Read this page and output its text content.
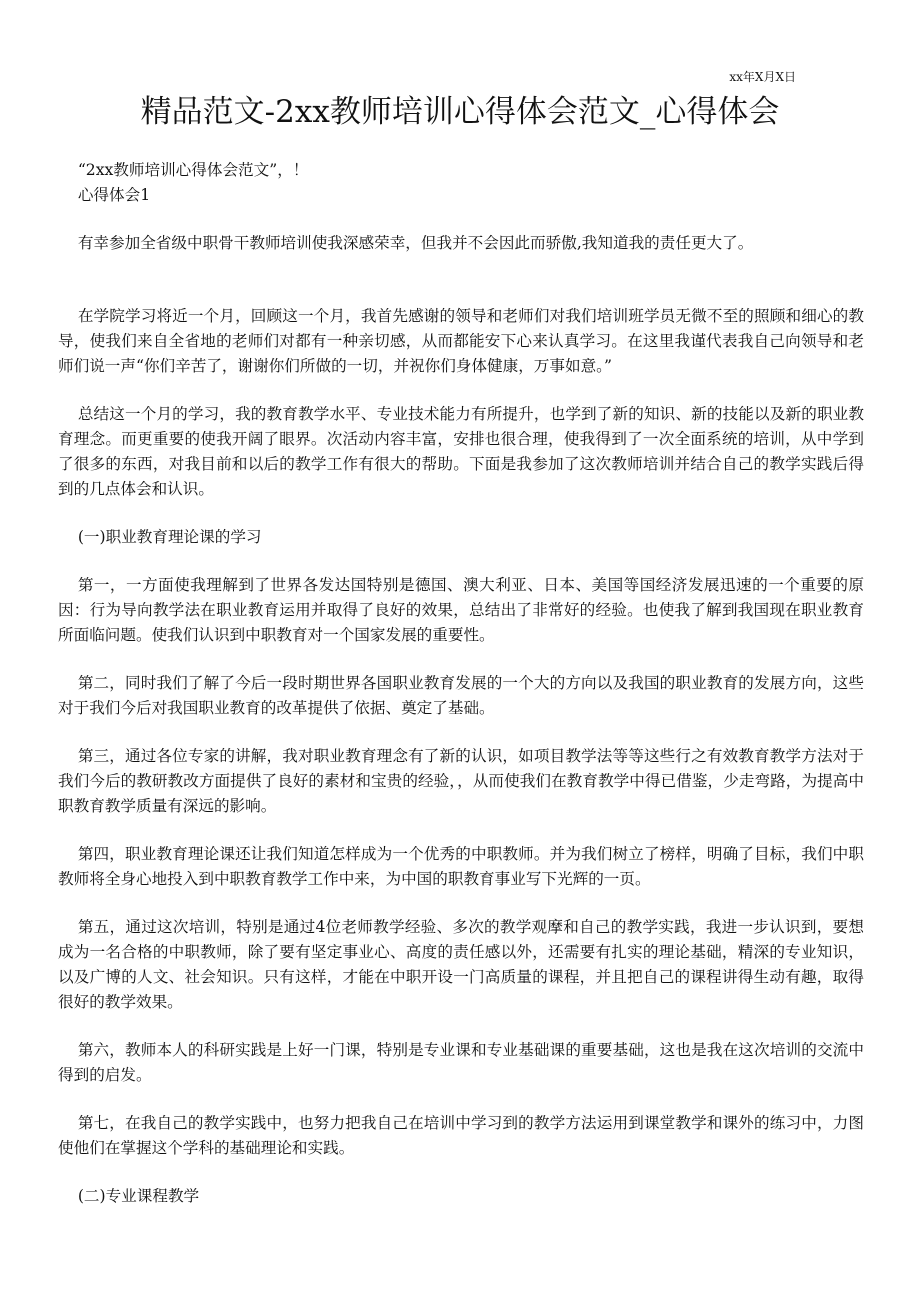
xx年X月X日
精品范文-2xx教师培训心得体会范文_心得体会

“2xx教师培训心得体会范文”，！

心得体会1

有幸参加全省级中职骨干教师培训使我深感荣幸，但我并不会因此而骄傲,我知道我的责任更大了。

在学院学习将近一个月，回顾这一个月，我首先感谢的领导和老师们对我们培训班学员无微不至的照顾和细心的教导，使我们来自全省地的老师们对都有一种亲切感，从而都能安下心来认真学习。在这里我谨代表我自己向领导和老师们说一声“你们辛苦了，谢谢你们所做的一切，并祝你们身体健康，万事如意。”

总结这一个月的学习，我的教育教学水平、专业技术能力有所提升，也学到了新的知识、新的技能以及新的职业教育理念。而更重要的使我开阔了眼界。次活动内容丰富，安排也很合理，使我得到了一次全面系统的培训，从中学到了很多的东西，对我目前和以后的教学工作有很大的帮助。下面是我参加了这次教师培训并结合自己的教学实践后得到的几点体会和认识。

(一)职业教育理论课的学习

第一，一方面使我理解到了世界各发达国特别是德国、澳大利亚、日本、美国等国经济发展迅速的一个重要的原因：行为导向教学法在职业教育运用并取得了良好的效果，总结出了非常好的经验。也使我了解到我国现在职业教育所面临问题。使我们认识到中职教育对一个国家发展的重要性。

第二，同时我们了解了今后一段时期世界各国职业教育发展的一个大的方向以及我国的职业教育的发展方向，这些对于我们今后对我国职业教育的改革提供了依据、奠定了基础。

第三，通过各位专家的讲解，我对职业教育理念有了新的认识，如项目教学法等等这些行之有效教育教学方法对于我们今后的教研教改方面提供了良好的素材和宝贵的经验，，从而使我们在教育教学中得已借鉴，少走弯路，为提高中职教育教学质量有深远的影响。

第四，职业教育理论课还让我们知道怎样成为一个优秀的中职教师。并为我们树立了榜样，明确了目标，我们中职教师将全身心地投入到中职教育教学工作中来，为中国的职教育事业写下光辉的一页。

第五，通过这次培训，特别是通过4位老师教学经验、多次的教学观摩和自己的教学实践，我进一步认识到，要想成为一名合格的中职教师，除了要有坚定事业心、高度的责任感以外，还需要有扎实的理论基础，精深的专业知识，以及广博的人文、社会知识。只有这样，才能在中职开设一门高质量的课程，并且把自己的课程讲得生动有趣，取得很好的教学效果。

第六，教师本人的科研实践是上好一门课，特别是专业课和专业基础课的重要基础，这也是我在这次培训的交流中得到的启发。

第七，在我自己的教学实践中，也努力把我自己在培训中学习到的教学方法运用到课堂教学和课外的练习中，力图使他们在掌握这个学科的基础理论和实践。

(二)专业课程教学
